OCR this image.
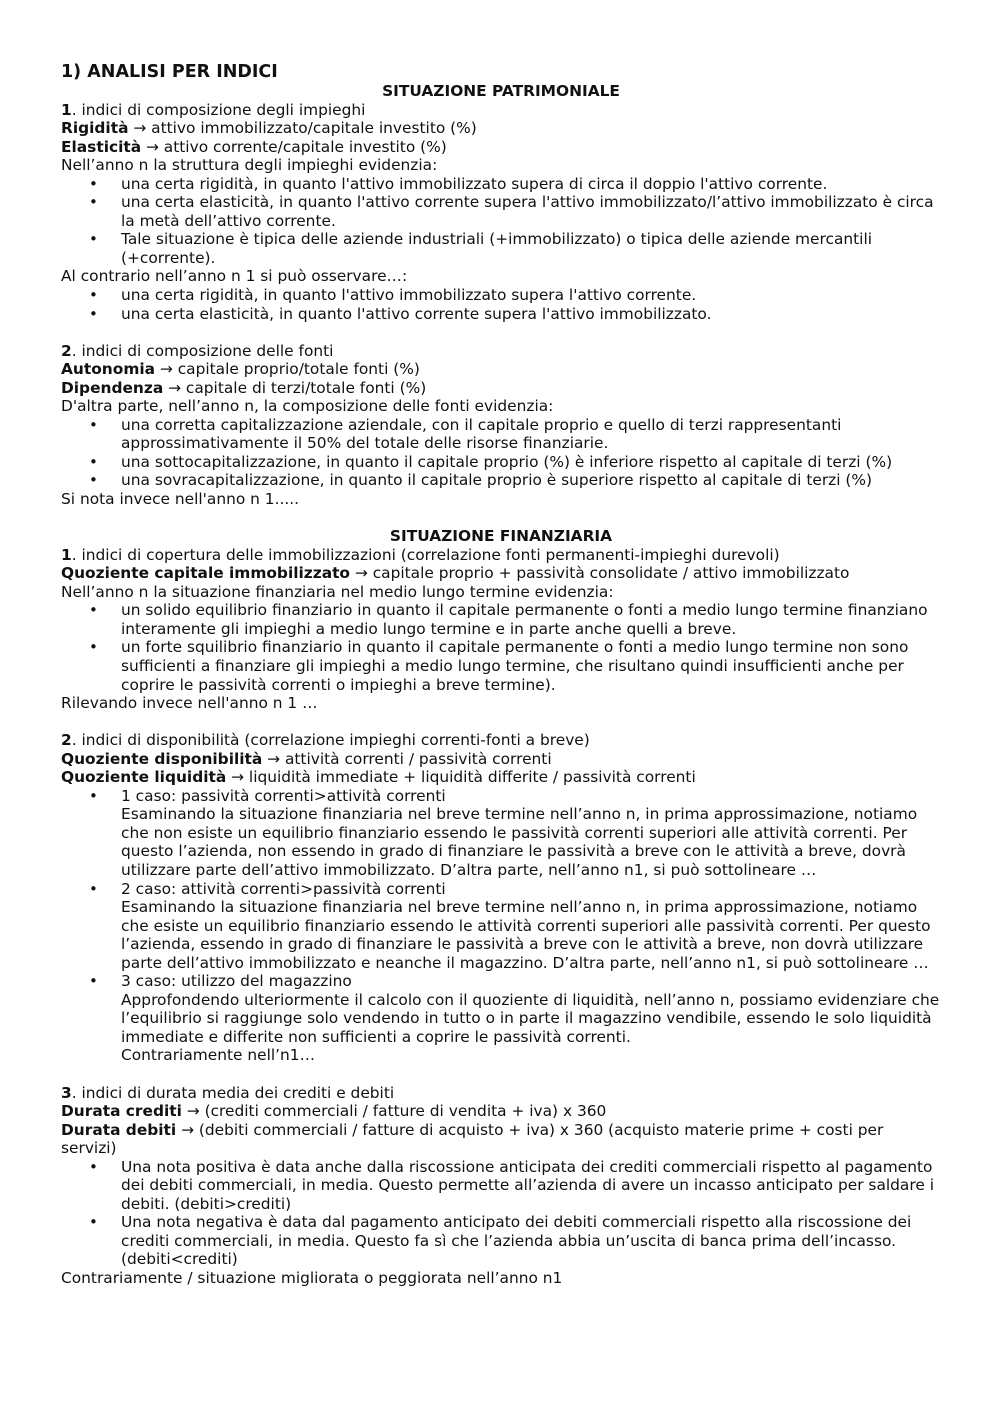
1) ANALISI PER INDICI
SITUAZIONE PATRIMONIALE

1. indici di composizione degli impieghi

Rigidità → attivo immobilizzato/capitale investito (%)

Elasticità → attivo corrente/capitale investito (%)

Nell’anno n la struttura degli impieghi evidenzia:

• una certa rigidità, in quanto l'attivo immobilizzato supera di circa il doppio l'attivo corrente.
• una certa elasticità, in quanto l'attivo corrente supera l'attivo immobilizzato/l’attivo immobilizzato è circa la metà dell’attivo corrente.
• Tale situazione è tipica delle aziende industriali (+immobilizzato) o tipica delle aziende mercantili (+corrente).

Al contrario nell’anno n 1 si può osservare…:

• una certa rigidità, in quanto l'attivo immobilizzato supera l'attivo corrente.
• una certa elasticità, in quanto l'attivo corrente supera l'attivo immobilizzato.

2. indici di composizione delle fonti

Autonomia → capitale proprio/totale fonti (%)

Dipendenza → capitale di terzi/totale fonti (%)

D'altra parte, nell’anno n, la composizione delle fonti evidenzia:

• una corretta capitalizzazione aziendale, con il capitale proprio e quello di terzi rappresentanti approssimativamente il 50% del totale delle risorse finanziarie.
• una sottocapitalizzazione, in quanto il capitale proprio (%) è inferiore rispetto al capitale di terzi (%)
• una sovracapitalizzazione, in quanto il capitale proprio è superiore rispetto al capitale di terzi (%)

Si nota invece nell'anno n 1.....

SITUAZIONE FINANZIARIA

1. indici di copertura delle immobilizzazioni (correlazione fonti permanenti-impieghi durevoli)

Quoziente capitale immobilizzato → capitale proprio + passività consolidate / attivo immobilizzato

Nell’anno n la situazione finanziaria nel medio lungo termine evidenzia:

• un solido equilibrio finanziario in quanto il capitale permanente o fonti a medio lungo termine finanziano interamente gli impieghi a medio lungo termine e in parte anche quelli a breve.
• un forte squilibrio finanziario in quanto il capitale permanente o fonti a medio lungo termine non sono sufficienti a finanziare gli impieghi a medio lungo termine, che risultano quindi insufficienti anche per coprire le passività correnti o impieghi a breve termine).

Rilevando invece nell'anno n 1 …

2. indici di disponibilità (correlazione impieghi correnti-fonti a breve)

Quoziente disponibilità → attività correnti / passività correnti

Quoziente liquidità → liquidità immediate + liquidità differite / passività correnti

• 1 caso: passività correnti>attività correnti
Esaminando la situazione finanziaria nel breve termine nell’anno n, in prima approssimazione, notiamo che non esiste un equilibrio finanziario essendo le passività correnti superiori alle attività correnti. Per questo l’azienda, non essendo in grado di finanziare le passività a breve con le attività a breve, dovrà utilizzare parte dell’attivo immobilizzato. D’altra parte, nell’anno n1, si può sottolineare …
• 2 caso: attività correnti>passività correnti
Esaminando la situazione finanziaria nel breve termine nell’anno n, in prima approssimazione, notiamo che esiste un equilibrio finanziario essendo le attività correnti superiori alle passività correnti. Per questo l’azienda, essendo in grado di finanziare le passività a breve con le attività a breve, non dovrà utilizzare parte dell’attivo immobilizzato e neanche il magazzino. D’altra parte, nell’anno n1, si può sottolineare …
• 3 caso: utilizzo del magazzino
Approfondendo ulteriormente il calcolo con il quoziente di liquidità, nell’anno n, possiamo evidenziare che l’equilibrio si raggiunge solo vendendo in tutto o in parte il magazzino vendibile, essendo le solo liquidità immediate e differite non sufficienti a coprire le passività correnti.
Contrariamente nell’n1…

3. indici di durata media dei crediti e debiti

Durata crediti → (crediti commerciali / fatture di vendita + iva) x 360

Durata debiti → (debiti commerciali / fatture di acquisto + iva) x 360 (acquisto materie prime + costi per servizi)

• Una nota positiva è data anche dalla riscossione anticipata dei crediti commerciali rispetto al pagamento dei debiti commerciali, in media. Questo permette all’azienda di avere un incasso anticipato per saldare i debiti. (debiti>crediti)
• Una nota negativa è data dal pagamento anticipato dei debiti commerciali rispetto alla riscossione dei crediti commerciali, in media. Questo fa sì che l’azienda abbia un’uscita di banca prima dell’incasso. (debiti<crediti)

Contrariamente / situazione migliorata o peggiorata nell’anno n1
